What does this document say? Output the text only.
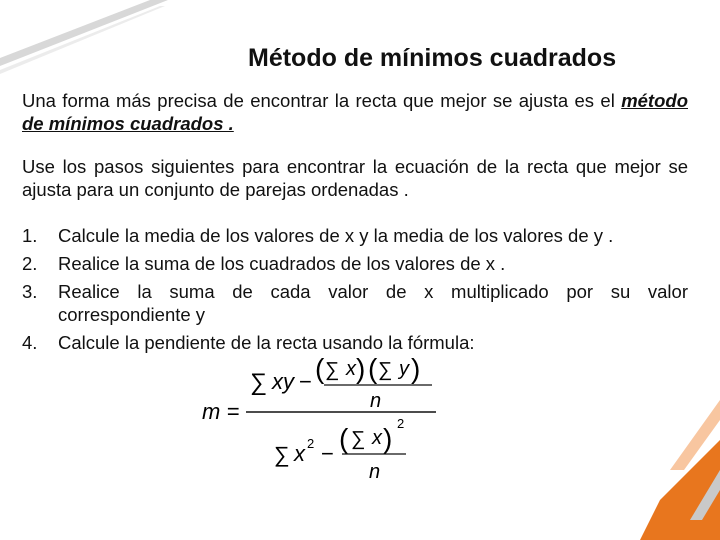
Método de mínimos cuadrados
Una forma más precisa de encontrar la recta que mejor se ajusta es el método de mínimos cuadrados .
Use los pasos siguientes para encontrar la ecuación de la recta que mejor se ajusta para un conjunto de parejas ordenadas .
1. Calcule la media de los valores de x y la media de los valores de y .
2. Realice la suma de los cuadrados de los valores de x .
3. Realice la suma de cada valor de x multiplicado por su valor correspondiente y
4. Calcule la pendiente de la recta usando la fórmula:
m =
∑ xy − ( ∑ x ) ( ∑ y )
n
∑ x 2 − ( ∑ x ) 2
n
